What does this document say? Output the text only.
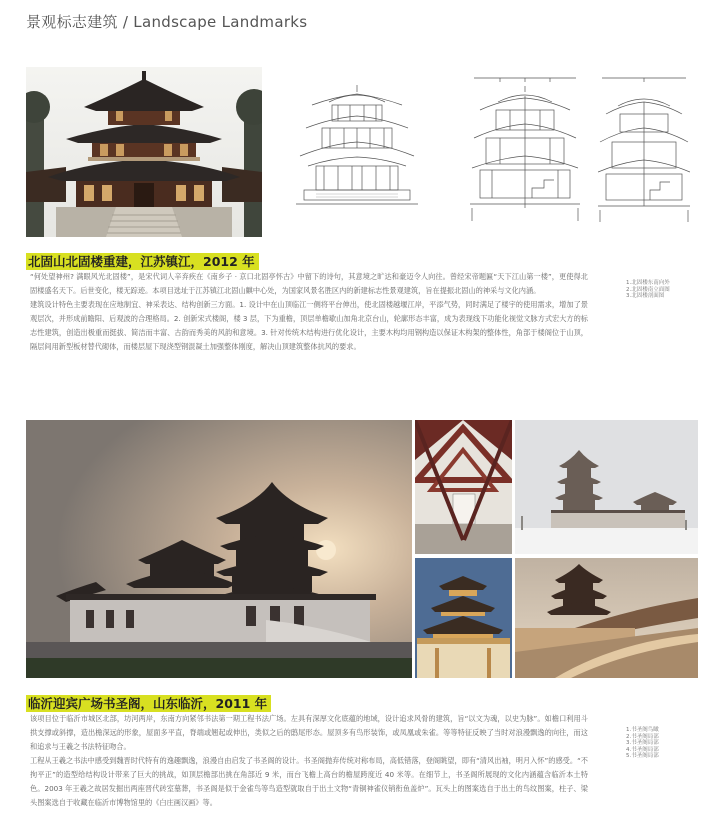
景观标志建筑 / Landscape Landmarks
北固山北固楼重建，江苏镇江，2012 年

“何处望神州? 满眼风光北固楼”，是宋代词人辛弃疾在《南乡子 · 京口北固亭怀古》中留下的诗句，其意境之旷达和豪迈令人向往。曾经宋帝题匾“天下江山第一楼”，更使得北固楼盛名天下。后世变化，楼无踪迹。本项目选址于江苏镇江北固山麒中心处，为国家风景名胜区内的新建标志性景观建筑，旨在提振北固山的神采与文化内涵。

建筑设计特色主要表现在应地制宜、神采表达、结构创新三方面。1. 设计中在山顶临江一侧将平台伸出，使北固楼越堰江岸，平添气势，同时满足了楼宇的使用需求，增加了景观层次，并形成前瞻阳、后观波的合理格局。2. 创新宋式楼阁，楼 3 层，下为重檐，顶层单檐歇山加角北京台山，轮廓形态丰富，成为表现线下功能化视觉文脉方式宏大方的标志性建筑，创造出极重而挺拔、简洁而丰富、古韵而秀美的风韵和意境。3. 针对传统木结构进行优化设计，主要木构均用钢构造以保证木构架的整体性，角部于楼阁位于山顶，隔层间用新型板材替代砌体，而楼层屋下现浇型钢混凝土加强整体刚度，解决山顶建筑整体抗风的要求。

1.北固楼东南向外
2.北固楼南立面图
3.北固楼剖面图
临沂迎宾广场书圣阁，山东临沂，2011 年

该项目位于临沂市城区北部，坊河两岸，东南方向紧邻书法第一期工程书法广场。左具有深厚文化底蕴的地域，设计追求风骨的建筑，旨“以文为魂，以史为脉”。如檐口利用斗拱支撑或斜撑，造出檐深远的形象，屋面多平直，脊端或翘起或伸出，类似之后的鸱尾形态。屋顶多有鸟形装饰，或凤凰或朱雀。等等特征反映了当时对浪漫飘逸的向往，而这和追求与王羲之书法特征吻合。

工程从王羲之书法中感受到魏晋时代特有的逸趣飘逸，浪漫自由启发了书圣阁的设计。书圣阁抛弃传统对称布局，高低错落，登阁眺望，即有“清风出袖，明月入怀”的感受。“不拘平正”的造型给结构设计带来了巨大的挑战，如顶层檐部出挑在角部近 9 米，而台飞檐上高台的檐屋跨度近 40 米等。在细节上，书圣阁所展现的文化内涵蕴含临沂本土特色。2003 年王羲之故居发掘出两座晋代砖室墓葬，书圣阁是似于金雀鸟等鸟造型就取自于出土文物“青铜神雀仪销衔鱼盖炉”。瓦头上的图案选自于出土的鸟纹图案，柱子、梁头图案选自于收藏在临沂市博物馆里的《白庄画汉画》等。

1.书圣阁鸟瞰
2.书圣阁局部
3.书圣阁局部
4.书圣阁局部
5.书圣阁局部
